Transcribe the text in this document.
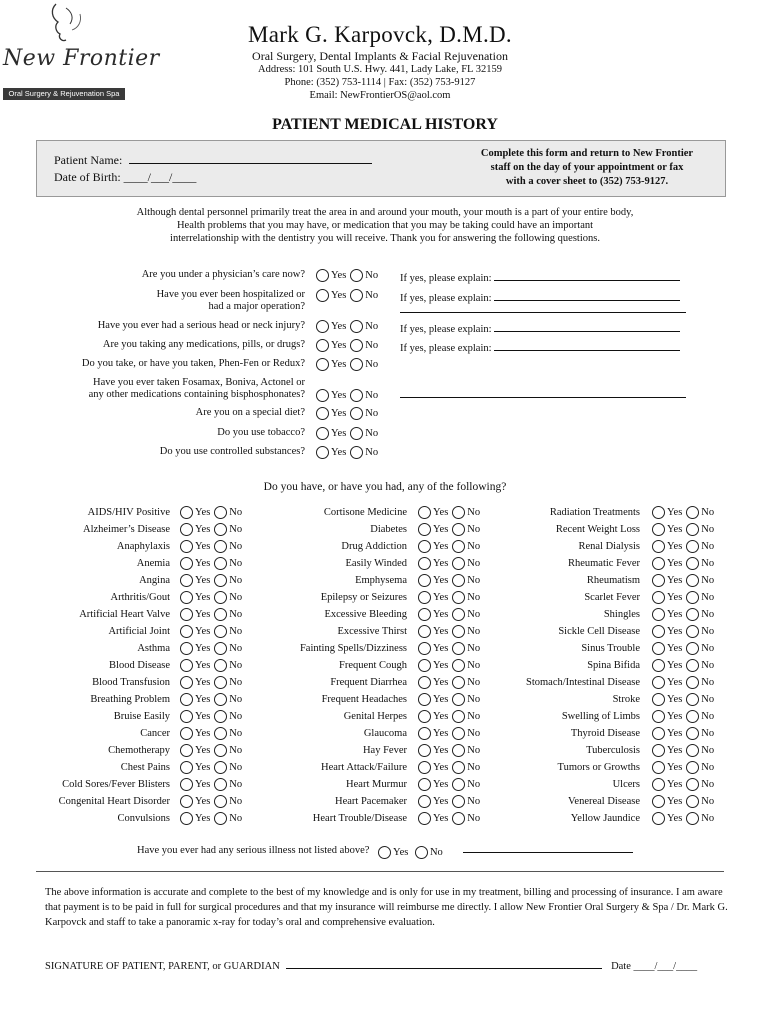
New Frontier
Oral Surgery & Rejuvenation Spa
Mark G. Karpovck, D.M.D.
Oral Surgery, Dental Implants & Facial Rejuvenation
Address: 101 South U.S. Hwy. 441, Lady Lake, FL 32159
Phone: (352) 753-1114 | Fax: (352) 753-9127
Email: NewFrontierOS@aol.com
PATIENT MEDICAL HISTORY
Patient Name:
Date of Birth: ____/___/____
Complete this form and return to New Frontier
staff on the day of your appointment or fax
with a cover sheet to (352) 753-9127.
Although dental personnel primarily treat the area in and around your mouth, your mouth is a part of your entire body,
Health problems that you may have, or medication that you may be taking could have an important
interrelationship with the dentistry you will receive. Thank you for answering the following questions.
Are you under a physician’s care now?	Yes No	If yes, please explain:
Have you ever been hospitalized or
had a major operation?
Yes No	If yes, please explain:
Have you ever had a serious head or neck injury?	Yes No	If yes, please explain:
Are you taking any medications, pills, or drugs?	Yes No	If yes, please explain:
Do you take, or have you taken, Phen-Fen or Redux?	Yes No
Have you ever taken Fosamax, Boniva, Actonel or
any other medications containing bisphosphonates?	Yes No
Are you on a special diet?	Yes No
Do you use tobacco?	Yes No
Do you use controlled substances?	Yes No
Do you have, or have you had, any of the following?
AIDS/HIV Positive	Yes No
Alzheimer’s Disease	Yes No
Anaphylaxis	Yes No
Anemia	Yes No
Angina	Yes No
Arthritis/Gout	Yes No
Artificial Heart Valve	Yes No
Artificial Joint	Yes No
Asthma	Yes No
Blood Disease	Yes No
Blood Transfusion	Yes No
Breathing Problem	Yes No
Bruise Easily	Yes No
Cancer	Yes No
Chemotherapy	Yes No
Chest Pains	Yes No
Cold Sores/Fever Blisters	Yes No
Congenital Heart Disorder	Yes No
Convulsions	Yes No
Cortisone Medicine	Yes No
Diabetes	Yes No
Drug Addiction	Yes No
Easily Winded	Yes No
Emphysema	Yes No
Epilepsy or Seizures	Yes No
Excessive Bleeding	Yes No
Excessive Thirst	Yes No
Fainting Spells/Dizziness	Yes No
Frequent Cough	Yes No
Frequent Diarrhea	Yes No
Frequent Headaches	Yes No
Genital Herpes	Yes No
Glaucoma	Yes No
Hay Fever	Yes No
Heart Attack/Failure	Yes No
Heart Murmur	Yes No
Heart Pacemaker	Yes No
Heart Trouble/Disease	Yes No
Radiation Treatments	Yes No
Recent Weight Loss	Yes No
Renal Dialysis	Yes No
Rheumatic Fever	Yes No
Rheumatism	Yes No
Scarlet Fever	Yes No
Shingles	Yes No
Sickle Cell Disease	Yes No
Sinus Trouble	Yes No
Spina Bifida	Yes No
Stomach/Intestinal Disease	Yes No
Stroke	Yes No
Swelling of Limbs	Yes No
Thyroid Disease	Yes No
Tuberculosis	Yes No
Tumors or Growths	Yes No
Ulcers	Yes No
Venereal Disease	Yes No
Yellow Jaundice	Yes No
Have you ever had any serious illness not listed above? Yes No
The above information is accurate and complete to the best of my knowledge and is only for use in my treatment, billing and processing of insurance. I am aware that payment is to be paid in full for surgical procedures and that my insurance will reimburse me directly. I allow New Frontier Oral Surgery & Spa / Dr. Mark G. Karpovck and staff to take a panoramic x-ray for today’s oral and comprehensive evaluation.
SIGNATURE OF PATIENT, PARENT, or GUARDIAN	Date ____/___/____
